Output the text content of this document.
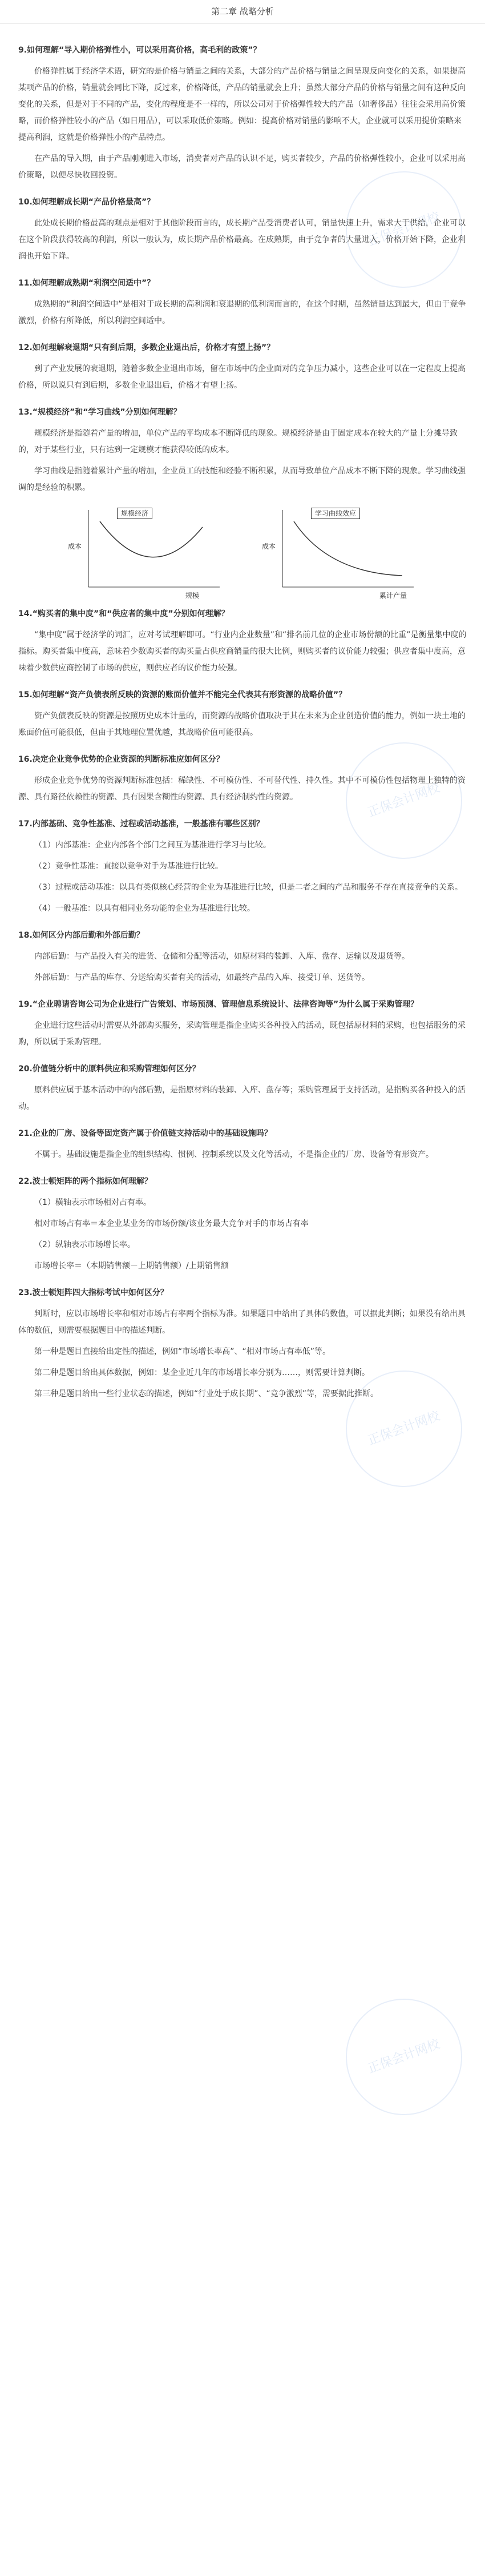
第二章 战略分析
正保会计网校
正保会计网校
正保会计网校
正保会计网校
9.如何理解“导入期价格弹性小，可以采用高价格，高毛利的政策”？
价格弹性属于经济学术语，研究的是价格与销量之间的关系，大部分的产品价格与销量之间呈现反向变化的关系，如果提高某项产品的价格，销量就会同比下降，反过来，价格降低，产品的销量就会上升；虽然大部分产品的价格与销量之间有这种反向变化的关系，但是对于不同的产品，变化的程度是不一样的，所以公司对于价格弹性较大的产品（如奢侈品）往往会采用高价策略，而价格弹性较小的产品（如日用品），可以采取低价策略。例如：提高价格对销量的影响不大，企业就可以采用提价策略来提高利润，这就是价格弹性小的产品特点。
在产品的导入期，由于产品刚刚进入市场，消费者对产品的认识不足，购买者较少，产品的价格弹性较小，企业可以采用高价策略，以便尽快收回投资。
10.如何理解成长期“产品价格最高”？
此处成长期价格最高的观点是相对于其他阶段而言的，成长期产品受消费者认可，销量快速上升，需求大于供给，企业可以在这个阶段获得较高的利润，所以一般认为，成长期产品价格最高。在成熟期，由于竞争者的大量进入，价格开始下降，企业利润也开始下降。
11.如何理解成熟期“利润空间适中”？
成熟期的“利润空间适中”是相对于成长期的高利润和衰退期的低利润而言的，在这个时期，虽然销量达到最大，但由于竞争激烈，价格有所降低，所以利润空间适中。
12.如何理解衰退期“只有到后期，多数企业退出后，价格才有望上扬”？
到了产业发展的衰退期，随着多数企业退出市场，留在市场中的企业面对的竞争压力减小，这些企业可以在一定程度上提高价格，所以说只有到后期，多数企业退出后，价格才有望上扬。
13.“规模经济”和“学习曲线”分别如何理解？
规模经济是指随着产量的增加，单位产品的平均成本不断降低的现象。规模经济是由于固定成本在较大的产量上分摊导致的，对于某些行业，只有达到一定规模才能获得较低的成本。
学习曲线是指随着累计产量的增加，企业员工的技能和经验不断积累，从而导致单位产品成本不断下降的现象。学习曲线强调的是经验的积累。
规模经济
成本
规模
学习曲线效应
成本
累计产量
14.“购买者的集中度”和“供应者的集中度”分别如何理解？
“集中度”属于经济学的词汇，应对考试理解即可。“行业内企业数量”和“排名前几位的企业市场份额的比重”是衡量集中度的指标。购买者集中度高，意味着少数购买者的购买量占供应商销量的很大比例，则购买者的议价能力较强；供应者集中度高，意味着少数供应商控制了市场的供应，则供应者的议价能力较强。
15.如何理解“资产负债表所反映的资源的账面价值并不能完全代表其有形资源的战略价值”？
资产负债表反映的资源是按照历史成本计量的，而资源的战略价值取决于其在未来为企业创造价值的能力，例如一块土地的账面价值可能很低，但由于其地理位置优越，其战略价值可能很高。
16.决定企业竞争优势的企业资源的判断标准应如何区分？
形成企业竞争优势的资源判断标准包括：稀缺性、不可模仿性、不可替代性、持久性。其中不可模仿性包括物理上独特的资源、具有路径依赖性的资源、具有因果含糊性的资源、具有经济制约性的资源。
17.内部基础、竞争性基准、过程或活动基准，一般基准有哪些区别？
（1）内部基准：企业内部各个部门之间互为基准进行学习与比较。
（2）竞争性基准：直接以竞争对手为基准进行比较。
（3）过程或活动基准：以具有类似核心经营的企业为基准进行比较，但是二者之间的产品和服务不存在直接竞争的关系。
（4）一般基准：以具有相同业务功能的企业为基准进行比较。
18.如何区分内部后勤和外部后勤？
内部后勤：与产品投入有关的进货、仓储和分配等活动，如原材料的装卸、入库、盘存、运输以及退货等。
外部后勤：与产品的库存、分送给购买者有关的活动，如最终产品的入库、接受订单、送货等。
19.“企业聘请咨询公司为企业进行广告策划、市场预测、管理信息系统设计、法律咨询等”为什么属于采购管理？
企业进行这些活动时需要从外部购买服务，采购管理是指企业购买各种投入的活动，既包括原材料的采购，也包括服务的采购，所以属于采购管理。
20.价值链分析中的原料供应和采购管理如何区分？
原料供应属于基本活动中的内部后勤，是指原材料的装卸、入库、盘存等；采购管理属于支持活动，是指购买各种投入的活动。
21.企业的厂房、设备等固定资产属于价值链支持活动中的基础设施吗？
不属于。基础设施是指企业的组织结构、惯例、控制系统以及文化等活动，不是指企业的厂房、设备等有形资产。
22.波士顿矩阵的两个指标如何理解？
（1）横轴表示市场相对占有率。
相对市场占有率＝本企业某业务的市场份额/该业务最大竞争对手的市场占有率
（2）纵轴表示市场增长率。
市场增长率＝（本期销售额－上期销售额）/上期销售额
23.波士顿矩阵四大指标考试中如何区分？
判断时，应以市场增长率和相对市场占有率两个指标为准。如果题目中给出了具体的数值，可以据此判断；如果没有给出具体的数值，则需要根据题目中的描述判断。
第一种是题目直接给出定性的描述，例如“市场增长率高”、“相对市场占有率低”等。
第二种是题目给出具体数据，例如：某企业近几年的市场增长率分别为……，则需要计算判断。
第三种是题目给出一些行业状态的描述，例如“行业处于成长期”、“竞争激烈”等，需要据此推断。
